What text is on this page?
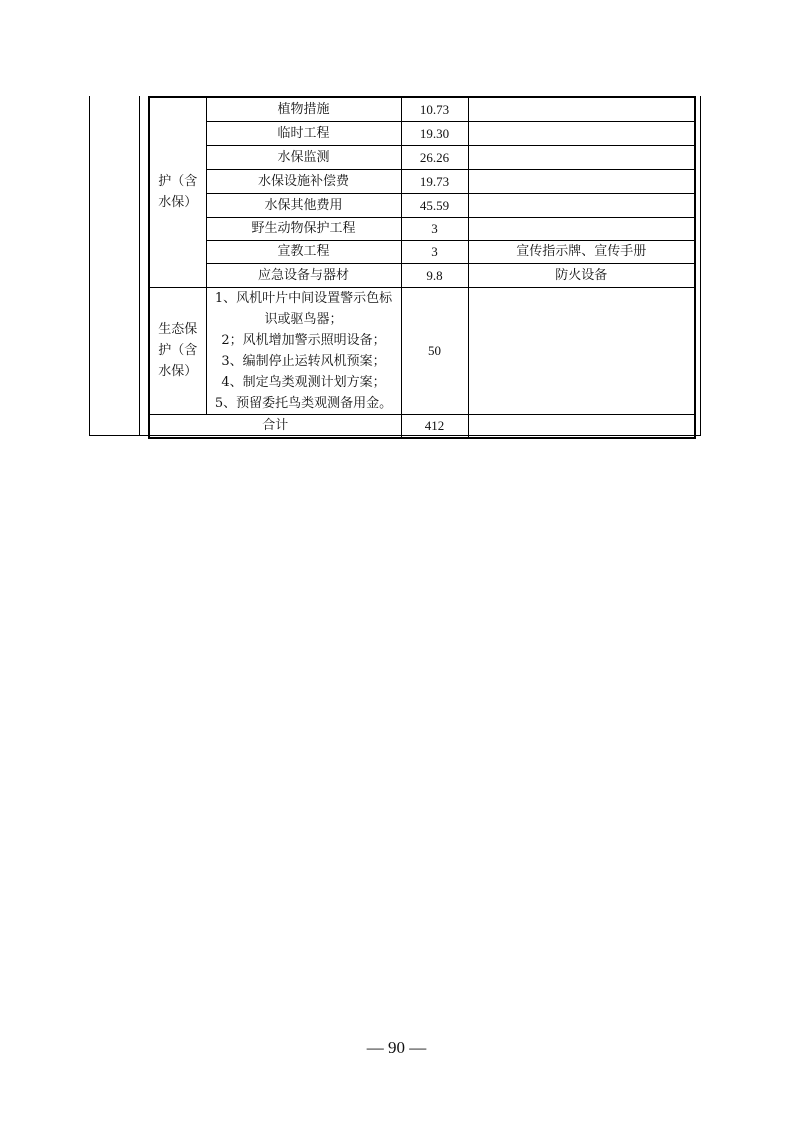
护（含水保）	植物措施	10.73	
	临时工程	19.30	
	水保监测	26.26	
	水保设施补偿费	19.73	
	水保其他费用	45.59	
	野生动物保护工程	3	
	宣教工程	3	宣传指示牌、宣传手册
	应急设备与器材	9.8	防火设备
生态保护（含水保）	1、风机叶片中间设置警示色标识或驱鸟器；
2；风机增加警示照明设备；
3、编制停止运转风机预案；
4、制定鸟类观测计划方案；
5、预留委托鸟类观测备用金。	50	
合计		412	
— 90 —
